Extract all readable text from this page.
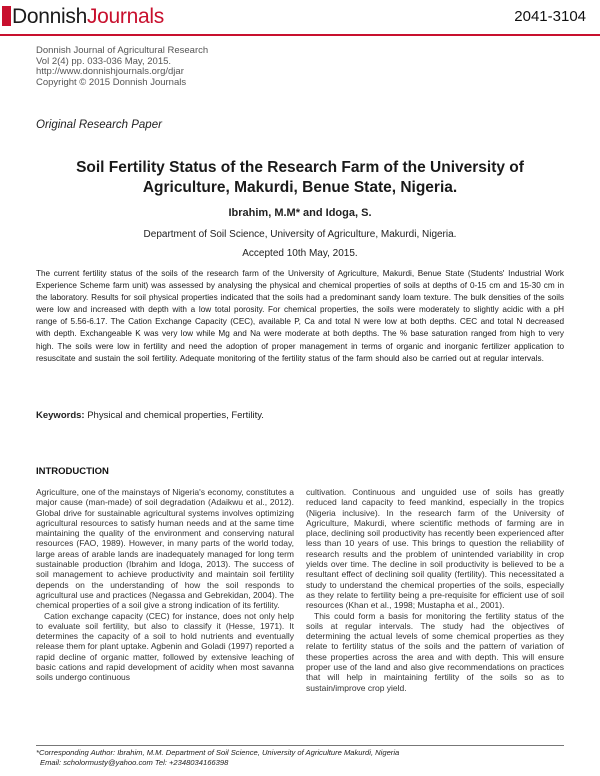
DonnishJournals	2041-3104
Donnish Journal of Agricultural Research
Vol 2(4) pp. 033-036 May, 2015.
http://www.donnishjournals.org/djar
Copyright © 2015 Donnish Journals
Original Research Paper
Soil Fertility Status of the Research Farm of the University of Agriculture, Makurdi, Benue State, Nigeria.
Ibrahim, M.M* and Idoga, S.
Department of Soil Science, University of Agriculture, Makurdi, Nigeria.
Accepted 10th May, 2015.
The current fertility status of the soils of the research farm of the University of Agriculture, Makurdi, Benue State (Students' Industrial Work Experience Scheme farm unit) was assessed by analysing the physical and chemical properties of soils at depths of 0-15 cm and 15-30 cm in the laboratory. Results for soil physical properties indicated that the soils had a predominant sandy loam texture. The bulk densities of the soils were low and increased with depth with a low total porosity. For chemical properties, the soils were moderately to slightly acidic with a pH range of 5.56-6.17. The Cation Exchange Capacity (CEC), available P, Ca and total N were low at both depths. CEC and total N decreased with depth. Exchangeable K was very low while Mg and Na were moderate at both depths. The % base saturation ranged from high to very high. The soils were low in fertility and need the adoption of proper management in terms of organic and inorganic fertilizer application to resuscitate and sustain the soil fertility. Adequate monitoring of the fertility status of the farm should also be carried out at regular intervals.
Keywords: Physical and chemical properties, Fertility.
INTRODUCTION

Agriculture, one of the mainstays of Nigeria's economy, constitutes a major cause (man-made) of soil degradation (Adaikwu et al., 2012). Global drive for sustainable agricultural systems involves optimizing agricultural resources to satisfy human needs and at the same time maintaining the quality of the environment and conserving natural resources (FAO, 1989). However, in many parts of the world today, large areas of arable lands are inadequately managed for long term sustainable production (Ibrahim and Idoga, 2013). The success of soil management to achieve productivity and maintain soil fertility depends on the understanding of how the soil responds to agricultural use and practices (Negassa and Gebrekidan, 2004). The chemical properties of a soil give a strong indication of its fertility.

Cation exchange capacity (CEC) for instance, does not only help to evaluate soil fertility, but also to classify it (Hesse, 1971). It determines the capacity of a soil to hold nutrients and eventually release them for plant uptake. Agbenin and Goladi (1997) reported a rapid decline of organic matter, followed by extensive leaching of basic cations and rapid development of acidity when most savanna soils undergo continuous

cultivation. Continuous and unguided use of soils has greatly reduced land capacity to feed mankind, especially in the tropics (Nigeria inclusive). In the research farm of the University of Agriculture, Makurdi, where scientific methods of farming are in place, declining soil productivity has recently been experienced after less than 10 years of use. This brings to question the reliability of research results and the problem of unintended variability in crop yields over time. The decline in soil productivity is believed to be a resultant effect of declining soil quality (fertility). This necessitated a study to understand the chemical properties of the soils, especially as they relate to fertility being a pre-requisite for efficient use of soil resources (Khan et al., 1998; Mustapha et al., 2001).

This could form a basis for monitoring the fertility status of the soils at regular intervals. The study had the objectives of determining the actual levels of some chemical properties as they relate to fertility status of the soils and the pattern of variation of these properties across the area and with depth. This will ensure proper use of the land and also give recommendations on practices that will help in maintaining fertility of the soils so as to sustain/improve crop yield.

*Corresponding Author: Ibrahim, M.M. Department of Soil Science, University of Agriculture Makurdi, Nigeria
Email: scholormusty@yahoo.com Tel: +2348034166398
